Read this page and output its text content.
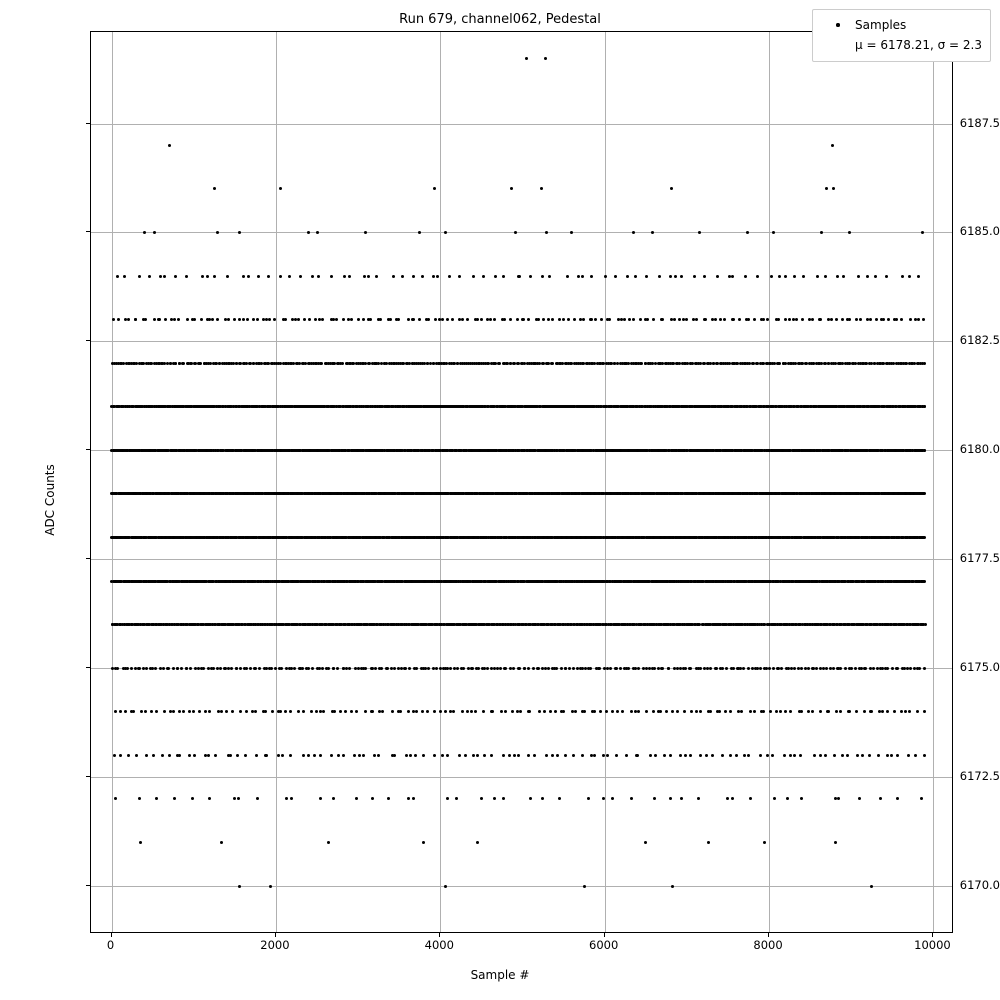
Run 679, channel062, Pedestal
ADC Counts
Sample #
Samples
μ = 6178.21, σ = 2.3
0	2000	4000	6000	8000	10000
6170.0
6172.5
6175.0
6177.5
6180.0
6182.5
6185.0
6187.5
